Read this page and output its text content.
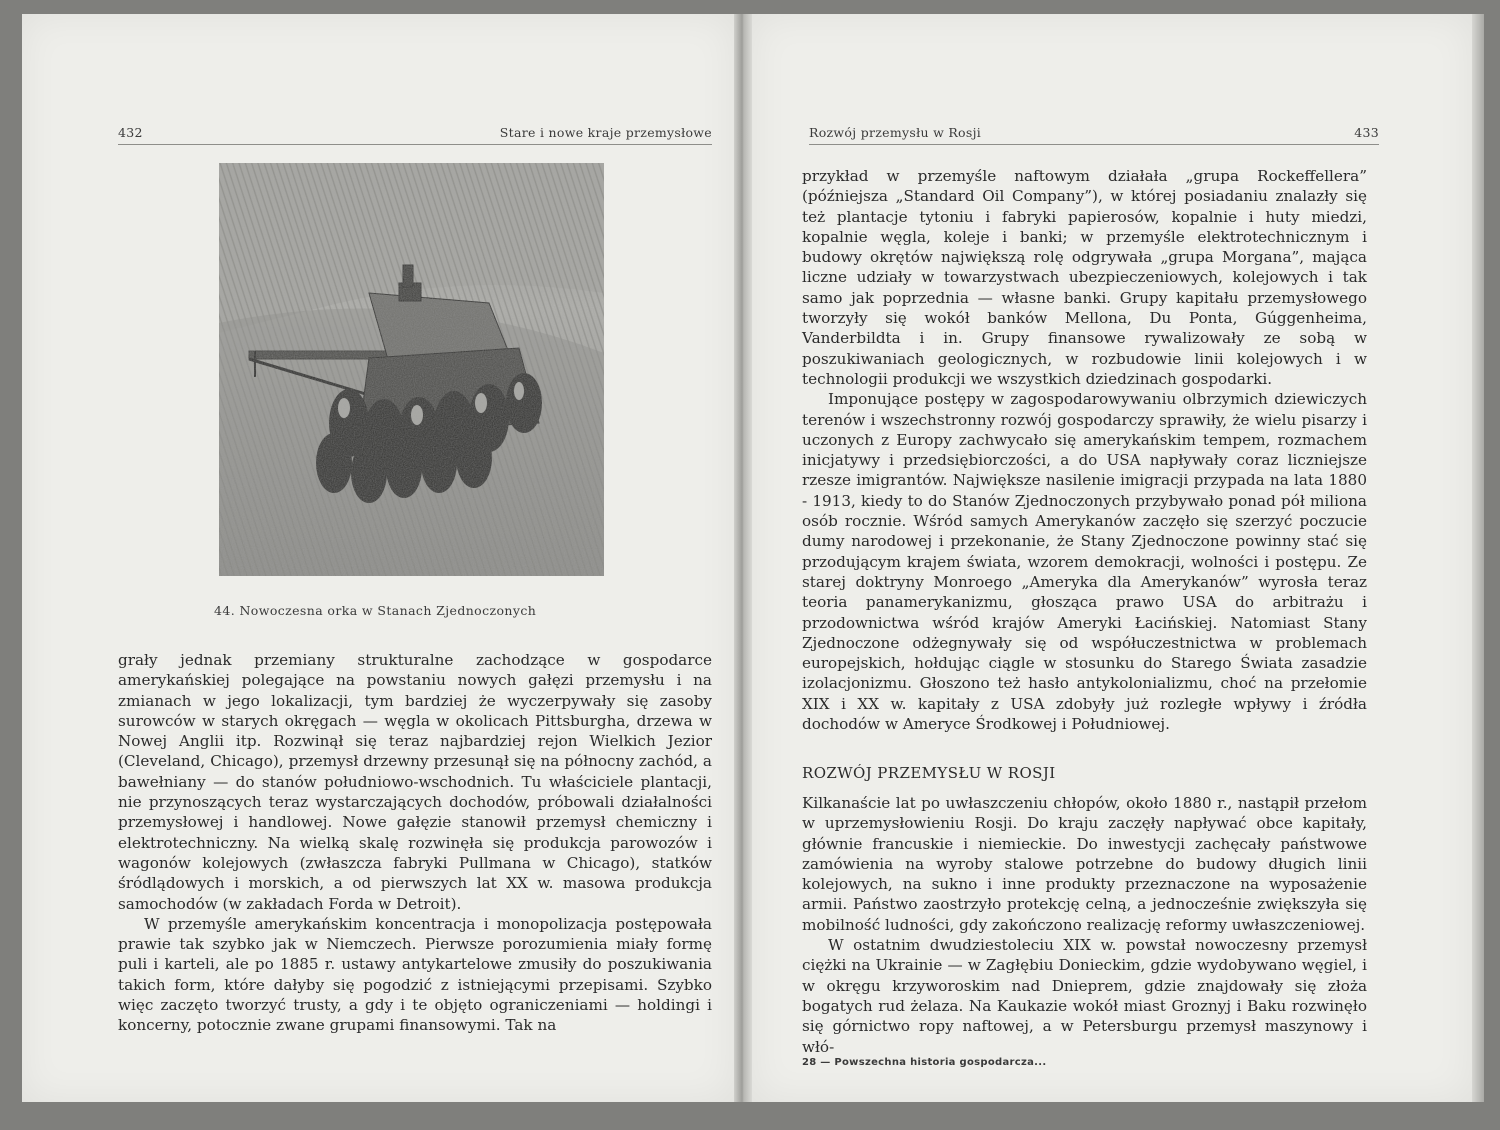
432	Stare i nowe kraje przemysłowe
44. Nowoczesna orka w Stanach Zjednoczonych

grały jednak przemiany strukturalne zachodzące w gospodarce amerykańskiej polegające na powstaniu nowych gałęzi przemysłu i na zmianach w jego lokalizacji, tym bardziej że wyczerpywały się zasoby surowców w starych okręgach — węgla w okolicach Pittsburgha, drzewa w Nowej Anglii itp. Rozwinął się teraz najbardziej rejon Wielkich Jezior (Cleveland, Chicago), przemysł drzewny przesunął się na północny zachód, a bawełniany — do stanów południowo-wschodnich. Tu właściciele plantacji, nie przynoszących teraz wystarczających dochodów, próbowali działalności przemysłowej i handlowej. Nowe gałęzie stanowił przemysł chemiczny i elektrotechniczny. Na wielką skalę rozwinęła się produkcja parowozów i wagonów kolejowych (zwłaszcza fabryki Pullmana w Chicago), statków śródlądowych i morskich, a od pierwszych lat XX w. masowa produkcja samochodów (w zakładach Forda w Detroit).

W przemyśle amerykańskim koncentracja i monopolizacja postępowała prawie tak szybko jak w Niemczech. Pierwsze porozumienia miały formę puli i karteli, ale po 1885 r. ustawy antykartelowe zmusiły do poszukiwania takich form, które dałyby się pogodzić z istniejącymi przepisami. Szybko więc zaczęto tworzyć trusty, a gdy i te objęto ograniczeniami — holdingi i koncerny, potocznie zwane grupami finansowymi. Tak na

Rozwój przemysłu w Rosji	433

przykład w przemyśle naftowym działała „grupa Rockeffellera” (późniejsza „Standard Oil Company”), w której posiadaniu znalazły się też plantacje tytoniu i fabryki papierosów, kopalnie i huty miedzi, kopalnie węgla, koleje i banki; w przemyśle elektrotechnicznym i budowy okrętów największą rolę odgrywała „grupa Morgana”, mająca liczne udziały w towarzystwach ubezpieczeniowych, kolejowych i tak samo jak poprzednia — własne banki. Grupy kapitału przemysłowego tworzyły się wokół banków Mellona, Du Ponta, Gúggenheima, Vanderbildta i in. Grupy finansowe rywalizowały ze sobą w poszukiwaniach geologicznych, w rozbudowie linii kolejowych i w technologii produkcji we wszystkich dziedzinach gospodarki.

Imponujące postępy w zagospodarowywaniu olbrzymich dziewiczych terenów i wszechstronny rozwój gospodarczy sprawiły, że wielu pisarzy i uczonych z Europy zachwycało się amerykańskim tempem, rozmachem inicjatywy i przedsiębiorczości, a do USA napływały coraz liczniejsze rzesze imigrantów. Największe nasilenie imigracji przypada na lata 1880 - 1913, kiedy to do Stanów Zjednoczonych przybywało ponad pół miliona osób rocznie. Wśród samych Amerykanów zaczęło się szerzyć poczucie dumy narodowej i przekonanie, że Stany Zjednoczone powinny stać się przodującym krajem świata, wzorem demokracji, wolności i postępu. Ze starej doktryny Monroego „Ameryka dla Amerykanów” wyrosła teraz teoria panamerykanizmu, głosząca prawo USA do arbitrażu i przodownictwa wśród krajów Ameryki Łacińskiej. Natomiast Stany Zjednoczone odżegnywały się od współuczestnictwa w problemach europejskich, hołdując ciągle w stosunku do Starego Świata zasadzie izolacjonizmu. Głoszono też hasło antykolonializmu, choć na przełomie XIX i XX w. kapitały z USA zdobyły już rozległe wpływy i źródła dochodów w Ameryce Środkowej i Południowej.

ROZWÓJ PRZEMYSŁU W ROSJI

Kilkanaście lat po uwłaszczeniu chłopów, około 1880 r., nastąpił przełom w uprzemysłowieniu Rosji. Do kraju zaczęły napływać obce kapitały, głównie francuskie i niemieckie. Do inwestycji zachęcały państwowe zamówienia na wyroby stalowe potrzebne do budowy długich linii kolejowych, na sukno i inne produkty przeznaczone na wyposażenie armii. Państwo zaostrzyło protekcję celną, a jednocześnie zwiększyła się mobilność ludności, gdy zakończono realizację reformy uwłaszczeniowej.

W ostatnim dwudziestoleciu XIX w. powstał nowoczesny przemysł ciężki na Ukrainie — w Zagłębiu Donieckim, gdzie wydobywano węgiel, i w okręgu krzyworoskim nad Dnieprem, gdzie znajdowały się złoża bogatych rud żelaza. Na Kaukazie wokół miast Groznyj i Baku rozwinęło się górnictwo ropy naftowej, a w Petersburgu przemysł maszynowy i włó-

28 — Powszechna historia gospodarcza...
